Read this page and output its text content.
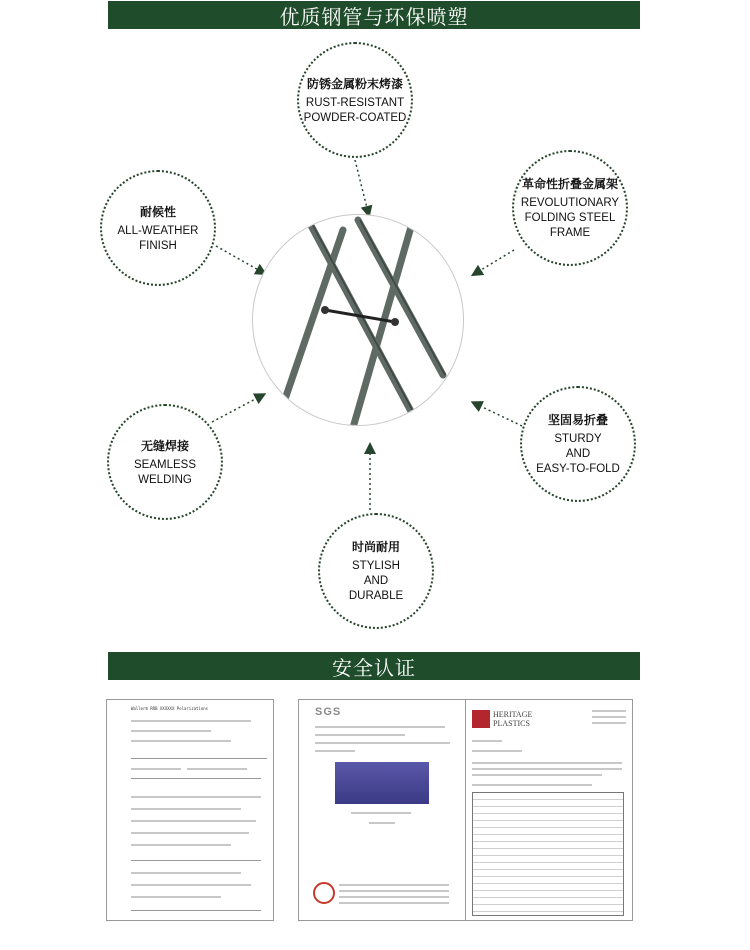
优质钢管与环保喷塑
防锈金属粉末烤漆
RUST-RESISTANT
POWDER-COATED
耐候性
ALL-WEATHER
FINISH
革命性折叠金属架
REVOLUTIONARY
FOLDING STEEL
FRAME
无缝焊接
SEAMLESS WELDING
坚固易折叠
STURDY
AND
EASY-TO-FOLD
时尚耐用
STYLISH
AND
DURABLE
安全认证
Waller® RRB XXXXXX Polarizations	SGS	HERITAGE
PLASTICS
